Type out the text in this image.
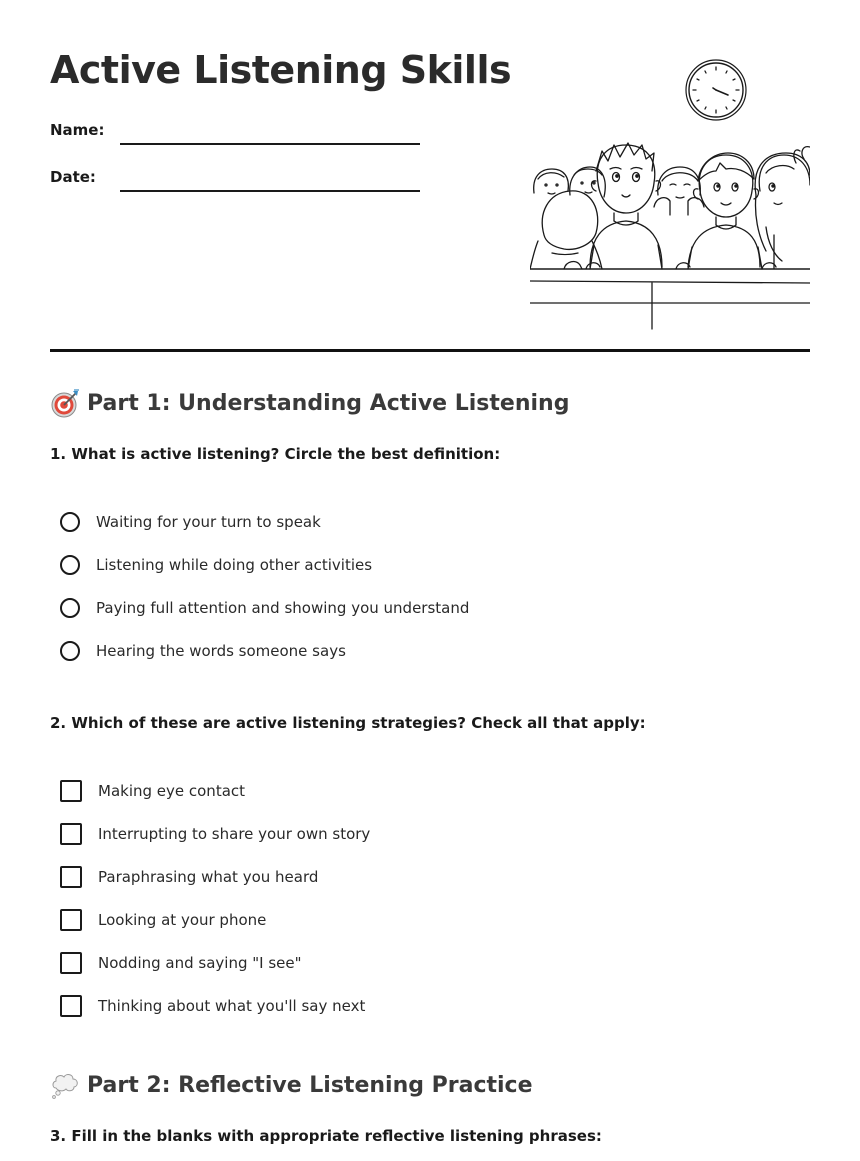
Active Listening Skills
Name:
Date:
Part 1: Understanding Active Listening

1. What is active listening? Circle the best definition:

Waiting for your turn to speak
Listening while doing other activities
Paying full attention and showing you understand
Hearing the words someone says

2. Which of these are active listening strategies? Check all that apply:

Making eye contact
Interrupting to share your own story
Paraphrasing what you heard
Looking at your phone
Nodding and saying "I see"
Thinking about what you'll say next
Part 2: Reflective Listening Practice

3. Fill in the blanks with appropriate reflective listening phrases:
